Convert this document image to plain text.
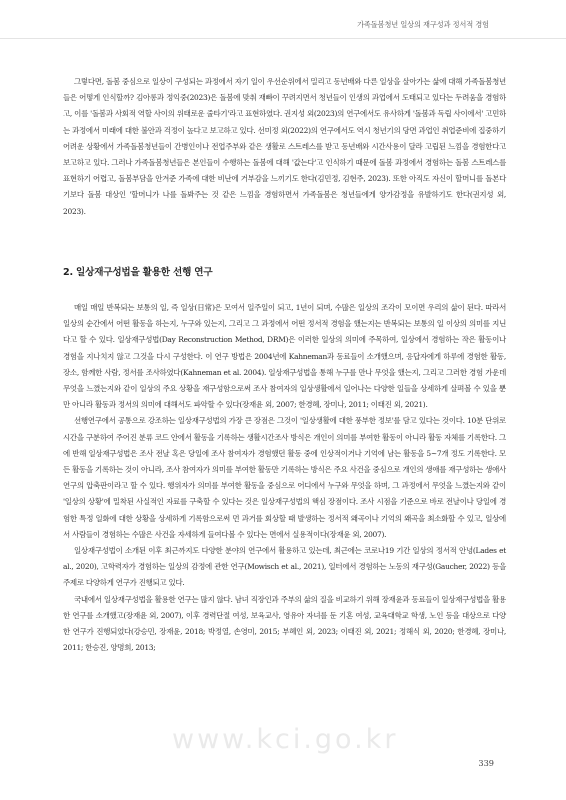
가족돌봄청년 일상의 재구성과 정서적 경험

그렇다면, 돌봄 중심으로 일상이 구성되는 과정에서 자기 일이 우선순위에서 밀리고 동년배와 다른 일상을 살아가는 삶에 대해 가족돌봄청년들은 어떻게 인식할까? 김아롱과 정익중(2023)은 돌봄에 맞춰 재빠이 꾸려지면서 청년들이 인생의 과업에서 도태되고 있다는 두려움을 경험하고, 이를 '돌봄과 사회적 역할 사이의 위태로운 줄타기'라고 표현하였다. 권지성 외(2023)의 연구에서도 유사하게 '돌봄과 독립 사이에서' 고민하는 과정에서 미래에 대한 불안과 걱정이 높다고 보고하고 있다. 선미정 외(2022)의 연구에서도 역시 청년기의 당면 과업인 취업준비에 집중하기 어려운 상황에서 가족돌봄청년들이 간병인이나 전업주부와 같은 생활로 스트레스를 받고 동년배와 시간사용이 달라 고립된 느낌을 경험한다고 보고하고 있다. 그러나 가족돌봄청년들은 본인들이 수행하는 돌봄에 대해 '값는다'고 인식하기 때문에 돌봄 과정에서 경험하는 돌봄 스트레스를 표현하기 어렵고, 돌봄부담을 안겨준 가족에 대한 비난에 거부감을 느끼기도 한다(김민정, 김현주, 2023). 또한 아직도 자신이 할머니를 돌본다기보다 돌봄 대상인 '할머니가 나를 돌봐주는 것 같은 느낌을 경험하면서 가족돌봄은 청년들에게 양가감정을 유발하기도 한다(권지성 외, 2023).

2. 일상재구성법을 활용한 선행 연구

매일 매일 반복되는 보통의 일, 즉 일상(日常)은 모여서 일주일이 되고, 1년이 되며, 수많은 일상의 조각이 모이면 우리의 삶이 된다. 따라서 일상의 순간에서 어떤 활동을 하는지, 누구와 있는지, 그리고 그 과정에서 어떤 정서적 경험을 했는지는 반복되는 보통의 일 이상의 의미를 지닌다고 할 수 있다. 일상재구성법(Day Reconstruction Method, DRM)은 이러한 일상의 의미에 주목하여, 일상에서 경험하는 작은 활동이나 경험을 지나치지 않고 그것을 다시 구성한다. 이 연구 방법은 2004년에 Kahneman과 동료들이 소개했으며, 응답자에게 하루에 경험한 활동, 장소, 함께한 사람, 정서를 조사하였다(Kahneman et al. 2004). 일상재구성법을 통해 누구를 만나 무엇을 했는지, 그리고 그러한 경험 가운데 무엇을 느꼈는지와 같이 일상의 주요 상황을 재구성함으로써 조사 참여자의 일상생활에서 일어나는 다양한 일들을 상세하게 살펴볼 수 있을 뿐만 아니라 활동과 정서의 의미에 대해서도 파악할 수 있다(장재윤 외, 2007; 한경혜, 장미나, 2011; 이태진 외, 2021).

선행연구에서 공통으로 강조하는 일상재구성법의 가장 큰 장점은 그것이 '일상생활에 대한 풍부한 정보'를 담고 있다는 것이다. 10분 단위로 시간을 구분하여 주어진 분류 코드 안에서 활동을 기록하는 생활시간조사 방식은 개인이 의미를 부여한 활동이 아니라 활동 자체를 기록한다. 그에 반해 일상재구성법은 조사 전날 혹은 당일에 조사 참여자가 경험했던 활동 중에 인상적이거나 기억에 남는 활동을 5~7개 정도 기록한다. 모든 활동을 기록하는 것이 아니라, 조사 참여자가 의미를 부여한 활동만 기록하는 방식은 주요 사건을 중심으로 개인의 생애를 재구성하는 생애사 연구의 압축판이라고 할 수 있다. 행위자가 의미를 부여한 활동을 중심으로 어디에서 누구와 무엇을 하며, 그 과정에서 무엇을 느꼈는지와 같이 '일상의 상황'에 밀착된 사실적인 자료를 구축할 수 있다는 것은 일상재구성법의 핵심 장점이다. 조사 시점을 기준으로 바로 전날이나 당일에 경험한 특정 일화에 대한 상황을 상세하게 기록함으로써 먼 과거를 회상할 때 발생하는 정서적 왜곡이나 기억의 왜곡을 최소화할 수 있고, 일상에서 사람들이 경험하는 수많은 사건을 자세하게 들여다볼 수 있다는 면에서 실용적이다(장재윤 외, 2007).

일상재구성법이 소개된 이후 최근까지도 다양한 분야의 연구에서 활용하고 있는데, 최근에는 코로나19 기간 일상의 정서적 안녕(Lades et al., 2020), 고학력자가 경험하는 일상의 감정에 관한 연구(Mowisch et al., 2021), 일터에서 경험하는 노동의 재구성(Gaucher, 2022) 등을 주제로 다양하게 연구가 진행되고 있다.

국내에서 일상재구성법을 활용한 연구는 많지 않다. 남녀 직장인과 주부의 삶의 질을 비교하기 위해 장재윤과 동료들이 일상재구성법을 활용한 연구를 소개했고(장재윤 외, 2007), 이후 경력단절 여성, 보육교사, 영유아 자녀를 둔 기혼 여성, 교육대학교 학생, 노인 등을 대상으로 다양한 연구가 진행되었다(강승민, 장재윤, 2018; 박정열, 손영미, 2015; 부혜인 외, 2023; 이태진 외, 2021; 정해식 외, 2020; 한경혜, 장미나, 2011; 한승진, 양명희, 2013;

www.kci.go.kr
339
